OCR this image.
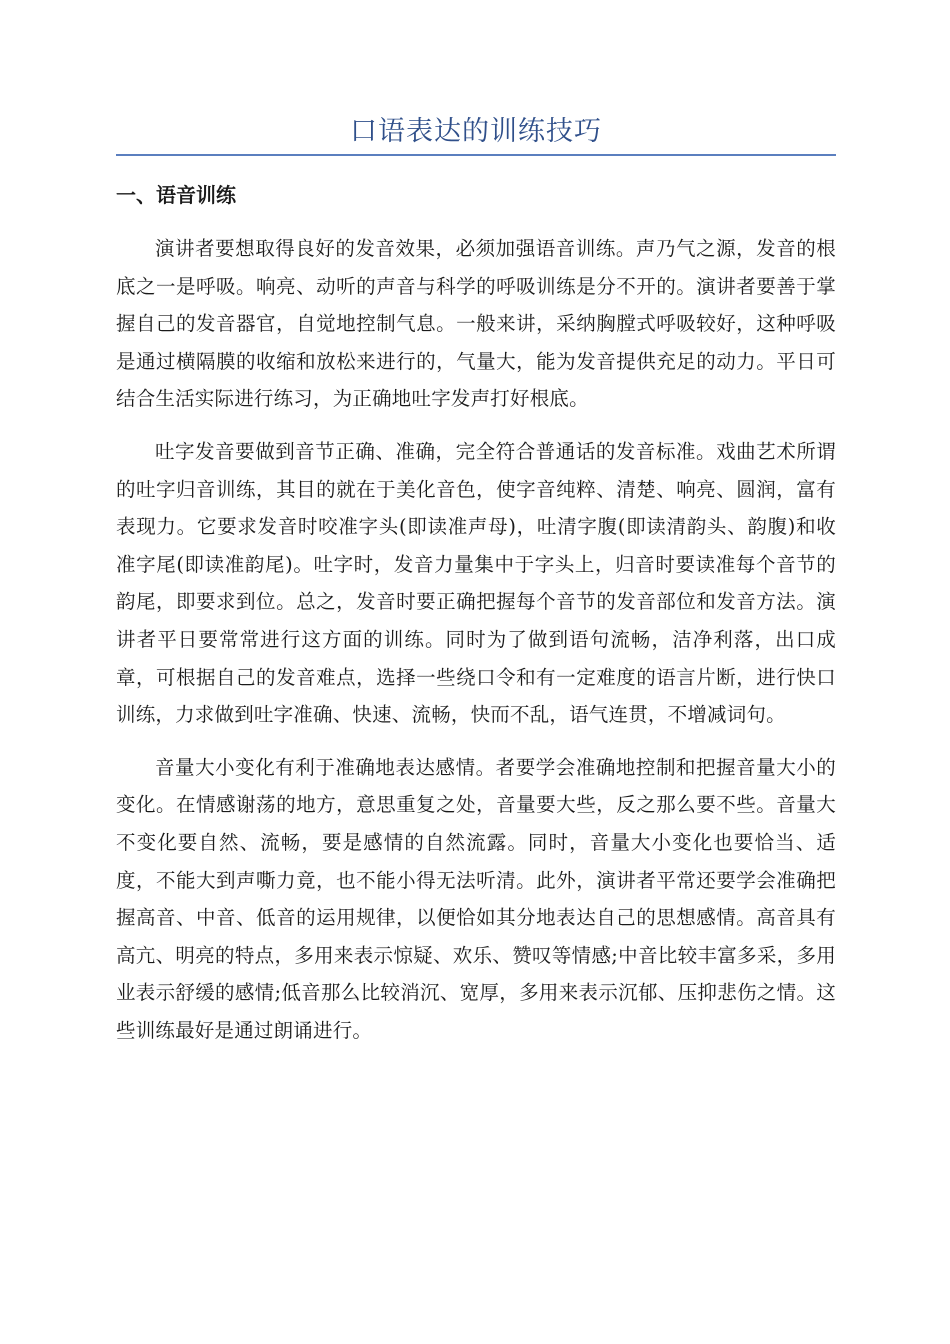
口语表达的训练技巧
一、语音训练

演讲者要想取得良好的发音效果，必须加强语音训练。声乃气之源，发音的根底之一是呼吸。响亮、动听的声音与科学的呼吸训练是分不开的。演讲者要善于掌握自己的发音器官，自觉地控制气息。一般来讲，采纳胸膛式呼吸较好，这种呼吸是通过横隔膜的收缩和放松来进行的，气量大，能为发音提供充足的动力。平日可结合生活实际进行练习，为正确地吐字发声打好根底。

吐字发音要做到音节正确、准确，完全符合普通话的发音标准。戏曲艺术所谓的吐字归音训练，其目的就在于美化音色，使字音纯粹、清楚、响亮、圆润，富有表现力。它要求发音时咬准字头(即读准声母)，吐清字腹(即读清韵头、韵腹)和收准字尾(即读准韵尾)。吐字时，发音力量集中于字头上，归音时要读准每个音节的韵尾，即要求到位。总之，发音时要正确把握每个音节的发音部位和发音方法。演讲者平日要常常进行这方面的训练。同时为了做到语句流畅，洁净利落，出口成章，可根据自己的发音难点，选择一些绕口令和有一定难度的语言片断，进行快口训练，力求做到吐字准确、快速、流畅，快而不乱，语气连贯，不增减词句。

音量大小变化有利于准确地表达感情。者要学会准确地控制和把握音量大小的变化。在情感谢荡的地方，意思重复之处，音量要大些，反之那么要不些。音量大不变化要自然、流畅，要是感情的自然流露。同时，音量大小变化也要恰当、适度，不能大到声嘶力竟，也不能小得无法听清。此外，演讲者平常还要学会准确把握高音、中音、低音的运用规律，以便恰如其分地表达自己的思想感情。高音具有高亢、明亮的特点，多用来表示惊疑、欢乐、赞叹等情感;中音比较丰富多采，多用业表示舒缓的感情;低音那么比较消沉、宽厚，多用来表示沉郁、压抑悲伤之情。这些训练最好是通过朗诵进行。
